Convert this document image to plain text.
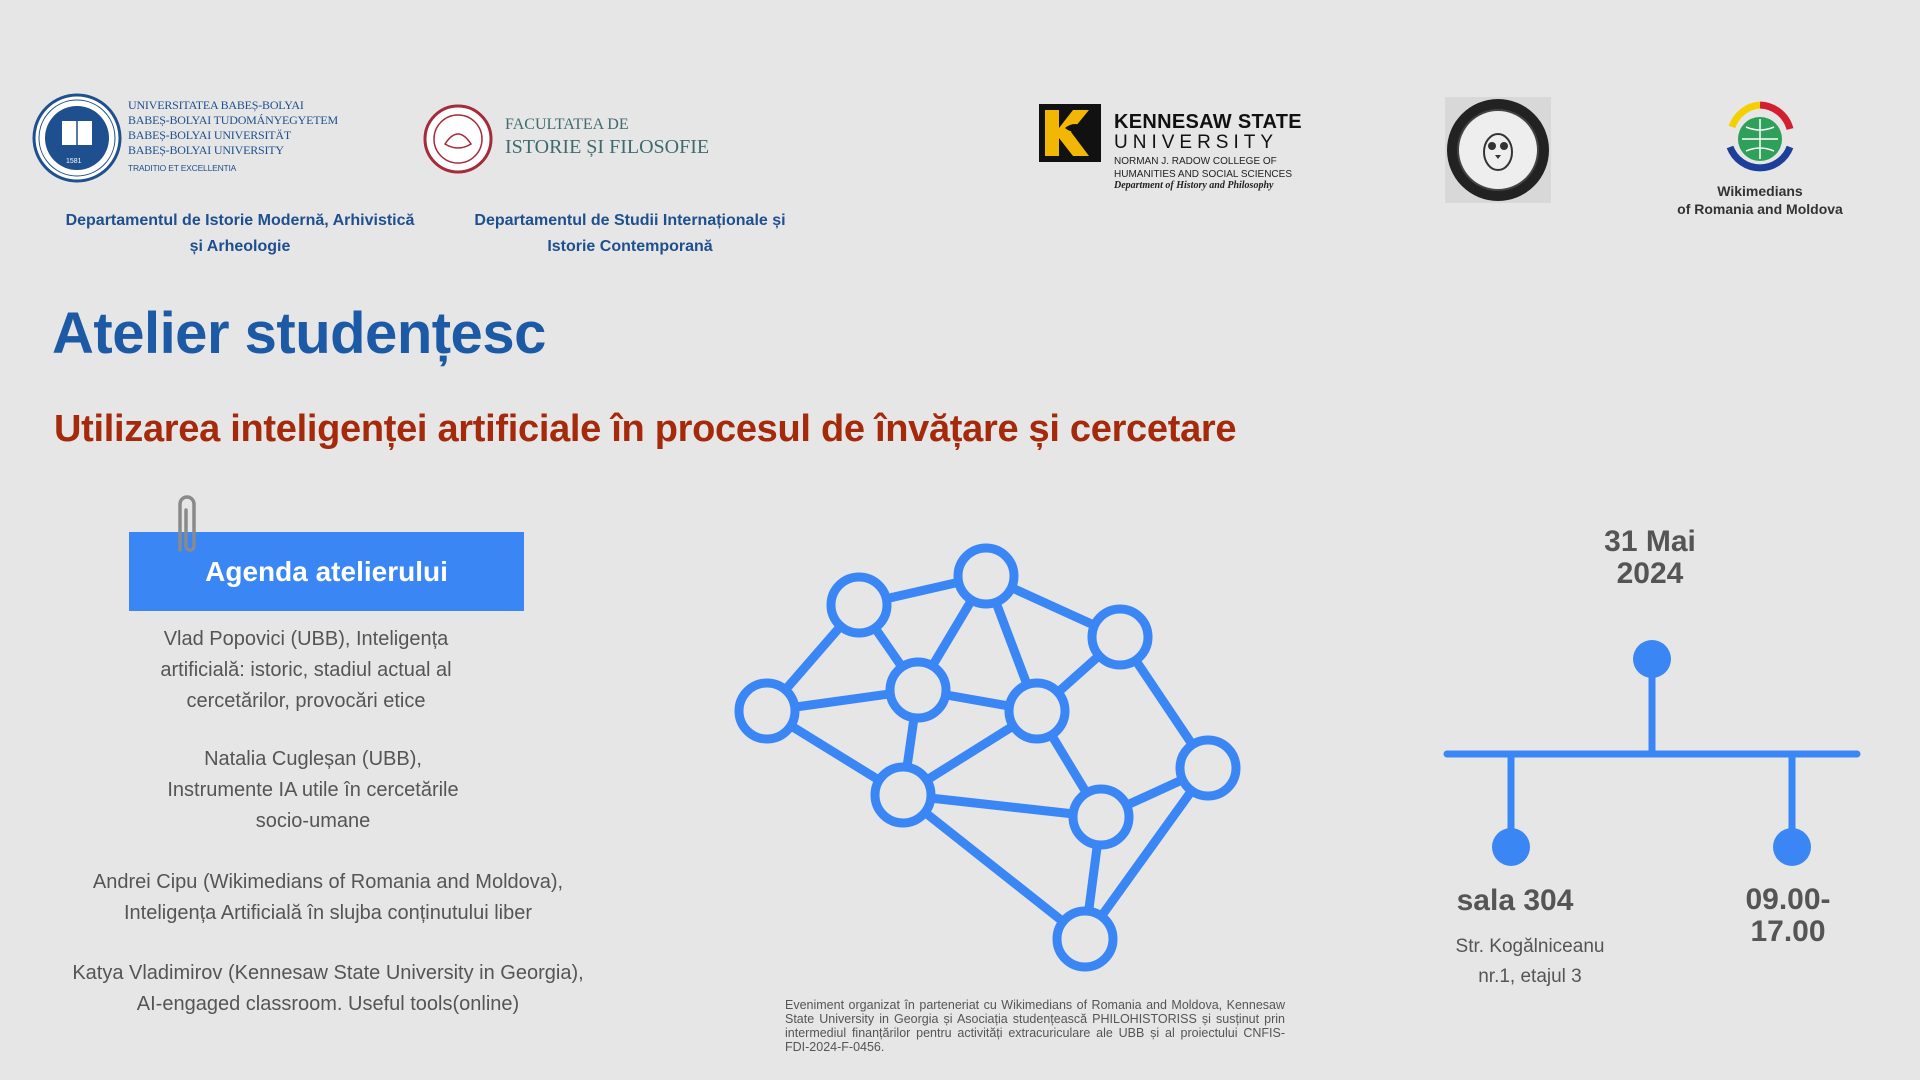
1581
UNIVERSITATEA BABEȘ-BOLYAI
BABEȘ-BOLYAI TUDOMÁNYEGYETEM
BABEȘ-BOLYAI UNIVERSITÄT
BABEȘ-BOLYAI UNIVERSITY
TRADITIO ET EXCELLENTIA
FACULTATEA DE
ISTORIE ȘI FILOSOFIE
Departamentul de Istorie Modernă, Arhivistică
și Arheologie
Departamentul de Studii Internaționale și
Istorie Contemporană
KENNESAW STATE
UNIVERSITY
NORMAN J. RADOW COLLEGE OF
HUMANITIES AND SOCIAL SCIENCES
Department of History and Philosophy	Wikimedians
of Romania and Moldova
Atelier studențesc
Utilizarea inteligenței artificiale în procesul de învățare și cercetare
Agenda atelierului
Vlad Popovici (UBB), Inteligența
artificială: istoric, stadiul actual al
cercetărilor, provocări etice
Natalia Cugleșan (UBB),
Instrumente IA utile în cercetările
socio-umane
Andrei Cipu (Wikimedians of Romania and Moldova),
Inteligența Artificială în slujba conținutului liber
Katya Vladimirov (Kennesaw State University in Georgia),
AI-engaged classroom. Useful tools(online)	Eveniment organizat în parteneriat cu Wikimedians of Romania and Moldova, Kennesaw State University in Georgia și Asociația studențească PHILOHISTORISS și susținut prin intermediul finanțărilor pentru activități extracuriculare ale UBB și al proiectului CNFIS-FDI-2024-F-0456.
31 Mai
2024
sala 304
Str. Kogălniceanu
nr.1, etajul 3
09.00-
17.00
